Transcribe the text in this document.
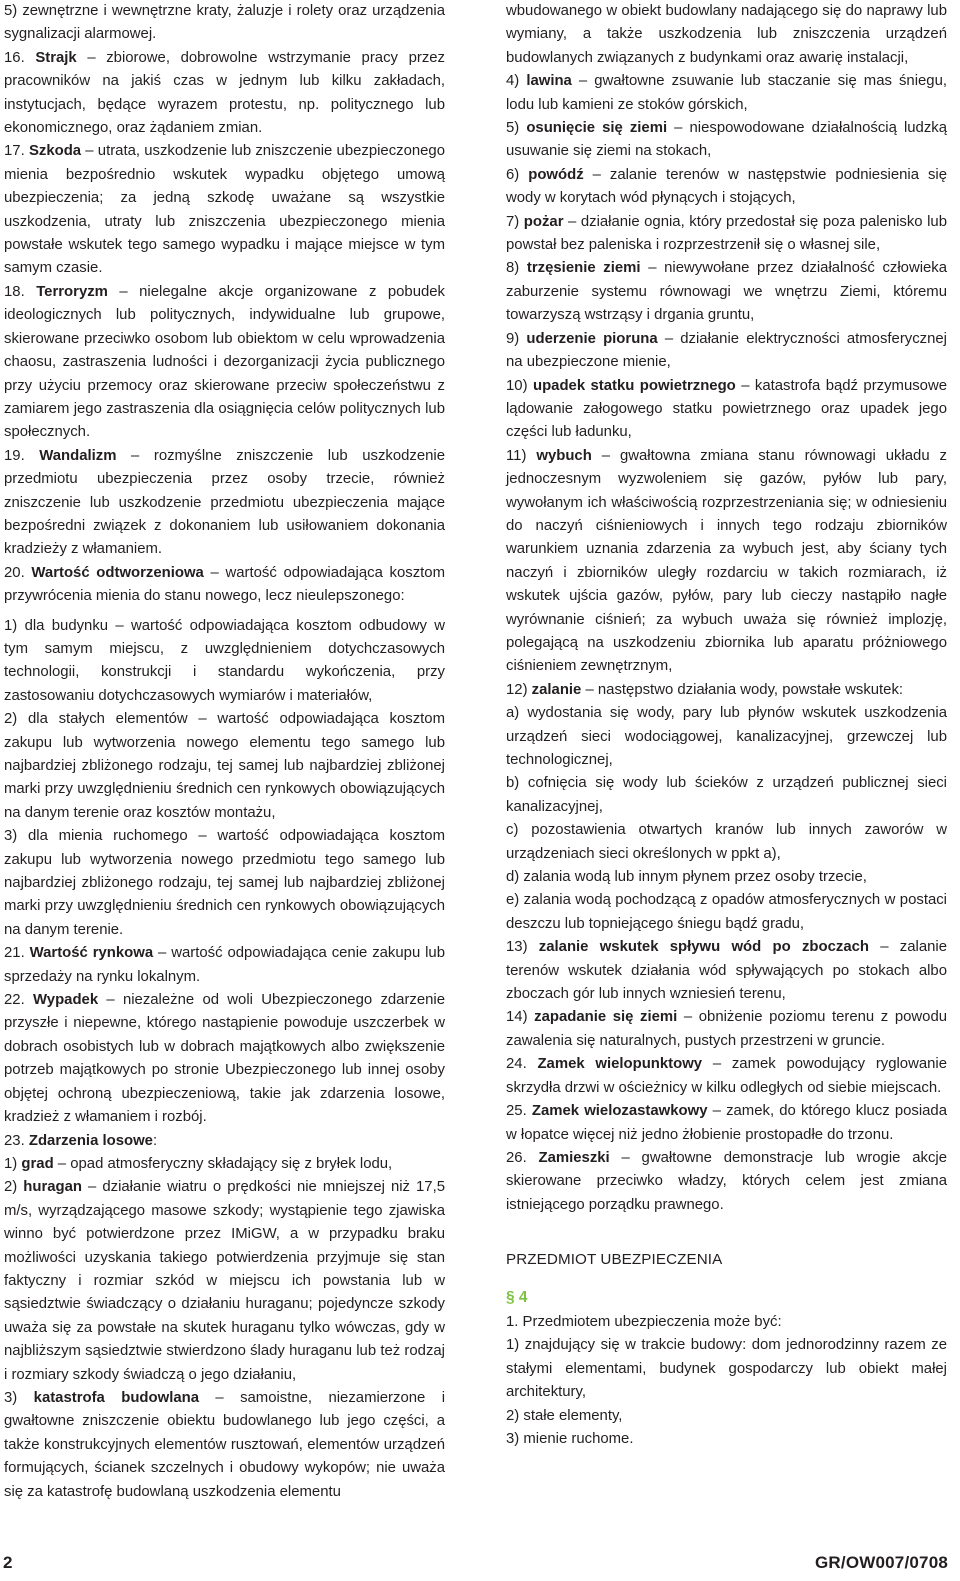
5) zewnętrzne i wewnętrzne kraty, żaluzje i rolety oraz urządzenia sygnalizacji alarmowej.

16. Strajk – zbiorowe, dobrowolne wstrzymanie pracy przez pracowników na jakiś czas w jednym lub kilku zakładach, instytucjach, będące wyrazem protestu, np. politycznego lub ekonomicznego, oraz żądaniem zmian.

17. Szkoda – utrata, uszkodzenie lub zniszczenie ubezpieczonego mienia bezpośrednio wskutek wypadku objętego umową ubezpieczenia; za jedną szkodę uważane są wszystkie uszkodzenia, utraty lub zniszczenia ubezpieczonego mienia powstałe wskutek tego samego wypadku i mające miejsce w tym samym czasie.

18. Terroryzm – nielegalne akcje organizowane z pobudek ideologicznych lub politycznych, indywidualne lub grupowe, skierowane przeciwko osobom lub obiektom w celu wprowadzenia chaosu, zastraszenia ludności i dezorganizacji życia publicznego przy użyciu przemocy oraz skierowane przeciw społeczeństwu z zamiarem jego zastraszenia dla osiągnięcia celów politycznych lub społecznych.

19. Wandalizm – rozmyślne zniszczenie lub uszkodzenie przedmiotu ubezpieczenia przez osoby trzecie, również zniszczenie lub uszkodzenie przedmiotu ubezpieczenia mające bezpośredni związek z dokonaniem lub usiłowaniem dokonania kradzieży z włamaniem.

20. Wartość odtworzeniowa – wartość odpowiadająca kosztom przywrócenia mienia do stanu nowego, lecz nieulepszonego:

1) dla budynku – wartość odpowiadająca kosztom odbudowy w tym samym miejscu, z uwzględnieniem dotychczasowych technologii, konstrukcji i standardu wykończenia, przy zastosowaniu dotychczasowych wymiarów i materiałów,

2) dla stałych elementów – wartość odpowiadająca kosztom zakupu lub wytworzenia nowego elementu tego samego lub najbardziej zbliżonego rodzaju, tej samej lub najbardziej zbliżonej marki przy uwzględnieniu średnich cen rynkowych obowiązujących na danym terenie oraz kosztów montażu,

3) dla mienia ruchomego – wartość odpowiadająca kosztom zakupu lub wytworzenia nowego przedmiotu tego samego lub najbardziej zbliżonego rodzaju, tej samej lub najbardziej zbliżonej marki przy uwzględnieniu średnich cen rynkowych obowiązujących na danym terenie.

21. Wartość rynkowa – wartość odpowiadająca cenie zakupu lub sprzedaży na rynku lokalnym.

22. Wypadek – niezależne od woli Ubezpieczonego zdarzenie przyszłe i niepewne, którego nastąpienie powoduje uszczerbek w dobrach osobistych lub w dobrach majątkowych albo zwiększenie potrzeb majątkowych po stronie Ubezpieczonego lub innej osoby objętej ochroną ubezpieczeniową, takie jak zdarzenia losowe, kradzież z włamaniem i rozbój.

23. Zdarzenia losowe:

1) grad – opad atmosferyczny składający się z bryłek lodu,

2) huragan – działanie wiatru o prędkości nie mniejszej niż 17,5 m/s, wyrządzającego masowe szkody; wystąpienie tego zjawiska winno być potwierdzone przez IMiGW, a w przypadku braku możliwości uzyskania takiego potwierdzenia przyjmuje się stan faktyczny i rozmiar szkód w miejscu ich powstania lub w sąsiedztwie świadczący o działaniu huraganu; pojedyncze szkody uważa się za powstałe na skutek huraganu tylko wówczas, gdy w najbliższym sąsiedztwie stwierdzono ślady huraganu lub też rodzaj i rozmiary szkody świadczą o jego działaniu,

3) katastrofa budowlana – samoistne, niezamierzone i gwałtowne zniszczenie obiektu budowlanego lub jego części, a także konstrukcyjnych elementów rusztowań, elementów urządzeń formujących, ścianek szczelnych i obudowy wykopów; nie uważa się za katastrofę budowlaną uszkodzenia elementu

wbudowanego w obiekt budowlany nadającego się do naprawy lub wymiany, a także uszkodzenia lub zniszczenia urządzeń budowlanych związanych z budynkami oraz awarię instalacji,

4) lawina – gwałtowne zsuwanie lub staczanie się mas śniegu, lodu lub kamieni ze stoków górskich,

5) osunięcie się ziemi – niespowodowane działalnością ludzką usuwanie się ziemi na stokach,

6) powódź – zalanie terenów w następstwie podniesienia się wody w korytach wód płynących i stojących,

7) pożar – działanie ognia, który przedostał się poza palenisko lub powstał bez paleniska i rozprzestrzenił się o własnej sile,

8) trzęsienie ziemi – niewywołane przez działalność człowieka zaburzenie systemu równowagi we wnętrzu Ziemi, któremu towarzyszą wstrząsy i drgania gruntu,

9) uderzenie pioruna – działanie elektryczności atmosferycznej na ubezpieczone mienie,

10) upadek statku powietrznego – katastrofa bądź przymusowe lądowanie załogowego statku powietrznego oraz upadek jego części lub ładunku,

11) wybuch – gwałtowna zmiana stanu równowagi układu z jednoczesnym wyzwoleniem się gazów, pyłów lub pary, wywołanym ich właściwością rozprzestrzeniania się; w odniesieniu do naczyń ciśnieniowych i innych tego rodzaju zbiorników warunkiem uznania zdarzenia za wybuch jest, aby ściany tych naczyń i zbiorników uległy rozdarciu w takich rozmiarach, iż wskutek ujścia gazów, pyłów, pary lub cieczy nastąpiło nagłe wyrównanie ciśnień; za wybuch uważa się również implozję, polegającą na uszkodzeniu zbiornika lub aparatu próżniowego ciśnieniem zewnętrznym,

12) zalanie – następstwo działania wody, powstałe wskutek:

a) wydostania się wody, pary lub płynów wskutek uszkodzenia urządzeń sieci wodociągowej, kanalizacyjnej, grzewczej lub technologicznej,

b) cofnięcia się wody lub ścieków z urządzeń publicznej sieci kanalizacyjnej,

c) pozostawienia otwartych kranów lub innych zaworów w urządzeniach sieci określonych w ppkt a),

d) zalania wodą lub innym płynem przez osoby trzecie,

e) zalania wodą pochodzącą z opadów atmosferycznych w postaci deszczu lub topniejącego śniegu bądź gradu,

13) zalanie wskutek spływu wód po zboczach – zalanie terenów wskutek działania wód spływających po stokach albo zboczach gór lub innych wzniesień terenu,

14) zapadanie się ziemi – obniżenie poziomu terenu z powodu zawalenia się naturalnych, pustych przestrzeni w gruncie.

24. Zamek wielopunktowy – zamek powodujący ryglowanie skrzydła drzwi w ościeżnicy w kilku odległych od siebie miejscach.

25. Zamek wielozastawkowy – zamek, do którego klucz posiada w łopatce więcej niż jedno żłobienie prostopadłe do trzonu.

26. Zamieszki – gwałtowne demonstracje lub wrogie akcje skierowane przeciwko władzy, których celem jest zmiana istniejącego porządku prawnego.

PRZEDMIOT UBEZPIECZENIA

§ 4

1. Przedmiotem ubezpieczenia może być:

1) znajdujący się w trakcie budowy: dom jednorodzinny razem ze stałymi elementami, budynek gospodarczy lub obiekt małej architektury,

2) stałe elementy,

3) mienie ruchome.

2	GR/OW007/0708
